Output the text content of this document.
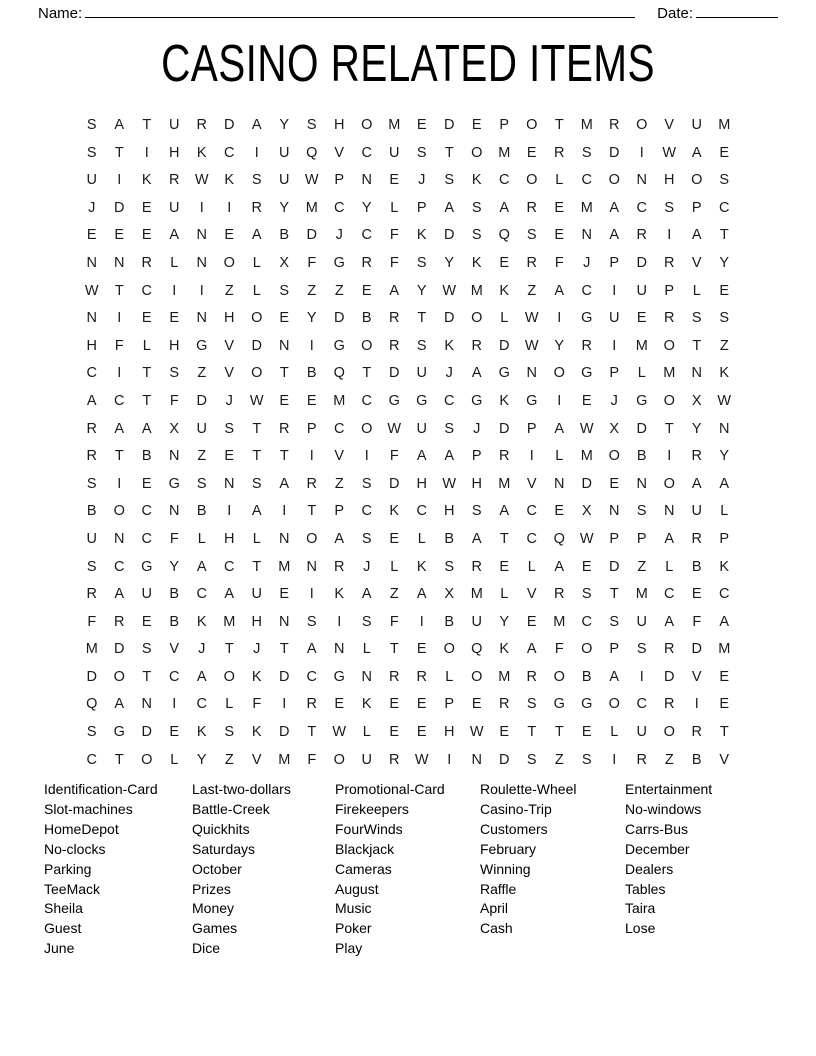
Name:	Date:
CASINO RELATED ITEMS
S	A	T	U	R	D	A	Y	S	H	O	M	E	D	E	P	O	T	M	R	O	V	U	M
S	T	I	H	K	C	I	U	Q	V	C	U	S	T	O	M	E	R	S	D	I	W	A	E
U	I	K	R	W	K	S	U	W	P	N	E	J	S	K	C	O	L	C	O	N	H	O	S
J	D	E	U	I	I	R	Y	M	C	Y	L	P	A	S	A	R	E	M	A	C	S	P	C
E	E	E	A	N	E	A	B	D	J	C	F	K	D	S	Q	S	E	N	A	R	I	A	T
N	N	R	L	N	O	L	X	F	G	R	F	S	Y	K	E	R	F	J	P	D	R	V	Y
W	T	C	I	I	Z	L	S	Z	Z	E	A	Y	W	M	K	Z	A	C	I	U	P	L	E
N	I	E	E	N	H	O	E	Y	D	B	R	T	D	O	L	W	I	G	U	E	R	S	S
H	F	L	H	G	V	D	N	I	G	O	R	S	K	R	D	W	Y	R	I	M	O	T	Z
C	I	T	S	Z	V	O	T	B	Q	T	D	U	J	A	G	N	O	G	P	L	M	N	K
A	C	T	F	D	J	W	E	E	M	C	G	G	C	G	K	G	I	E	J	G	O	X	W
R	A	A	X	U	S	T	R	P	C	O	W	U	S	J	D	P	A	W	X	D	T	Y	N
R	T	B	N	Z	E	T	T	I	V	I	F	A	A	P	R	I	L	M	O	B	I	R	Y
S	I	E	G	S	N	S	A	R	Z	S	D	H	W	H	M	V	N	D	E	N	O	A	A
B	O	C	N	B	I	A	I	T	P	C	K	C	H	S	A	C	E	X	N	S	N	U	L
U	N	C	F	L	H	L	N	O	A	S	E	L	B	A	T	C	Q	W	P	P	A	R	P
S	C	G	Y	A	C	T	M	N	R	J	L	K	S	R	E	L	A	E	D	Z	L	B	K
R	A	U	B	C	A	U	E	I	K	A	Z	A	X	M	L	V	R	S	T	M	C	E	C
F	R	E	B	K	M	H	N	S	I	S	F	I	B	U	Y	E	M	C	S	U	A	F	A
M	D	S	V	J	T	J	T	A	N	L	T	E	O	Q	K	A	F	O	P	S	R	D	M
D	O	T	C	A	O	K	D	C	G	N	R	R	L	O	M	R	O	B	A	I	D	V	E
Q	A	N	I	C	L	F	I	R	E	K	E	E	P	E	R	S	G	G	O	C	R	I	E
S	G	D	E	K	S	K	D	T	W	L	E	E	H	W	E	T	T	E	L	U	O	R	T
C	T	O	L	Y	Z	V	M	F	O	U	R	W	I	N	D	S	Z	S	I	R	Z	B	V
Identification-Card
Slot-machines
HomeDepot
No-clocks
Parking
TeeMack
Sheila
Guest
June
Last-two-dollars
Battle-Creek
Quickhits
Saturdays
October
Prizes
Money
Games
Dice
Promotional-Card
Firekeepers
FourWinds
Blackjack
Cameras
August
Music
Poker
Play
Roulette-Wheel
Casino-Trip
Customers
February
Winning
Raffle
April
Cash
Entertainment
No-windows
Carrs-Bus
December
Dealers
Tables
Taira
Lose
